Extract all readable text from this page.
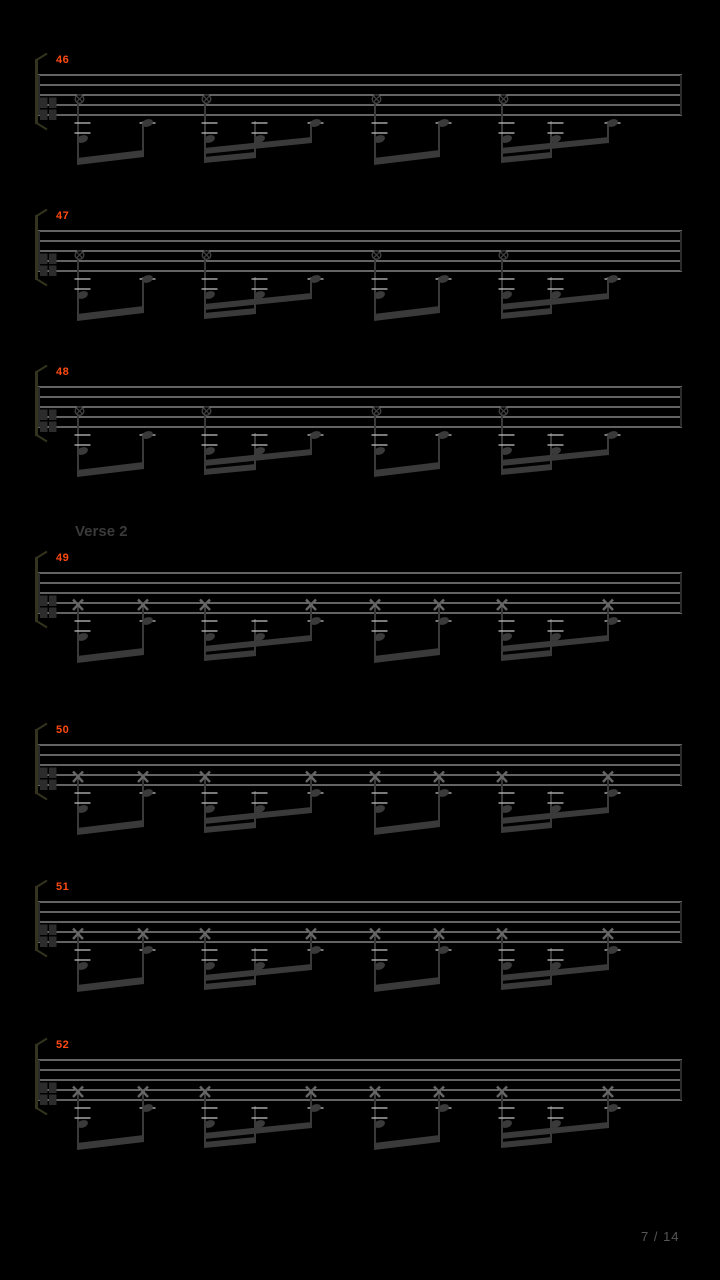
Verse 2
7 / 14
46
47
48
49
50
51
52
